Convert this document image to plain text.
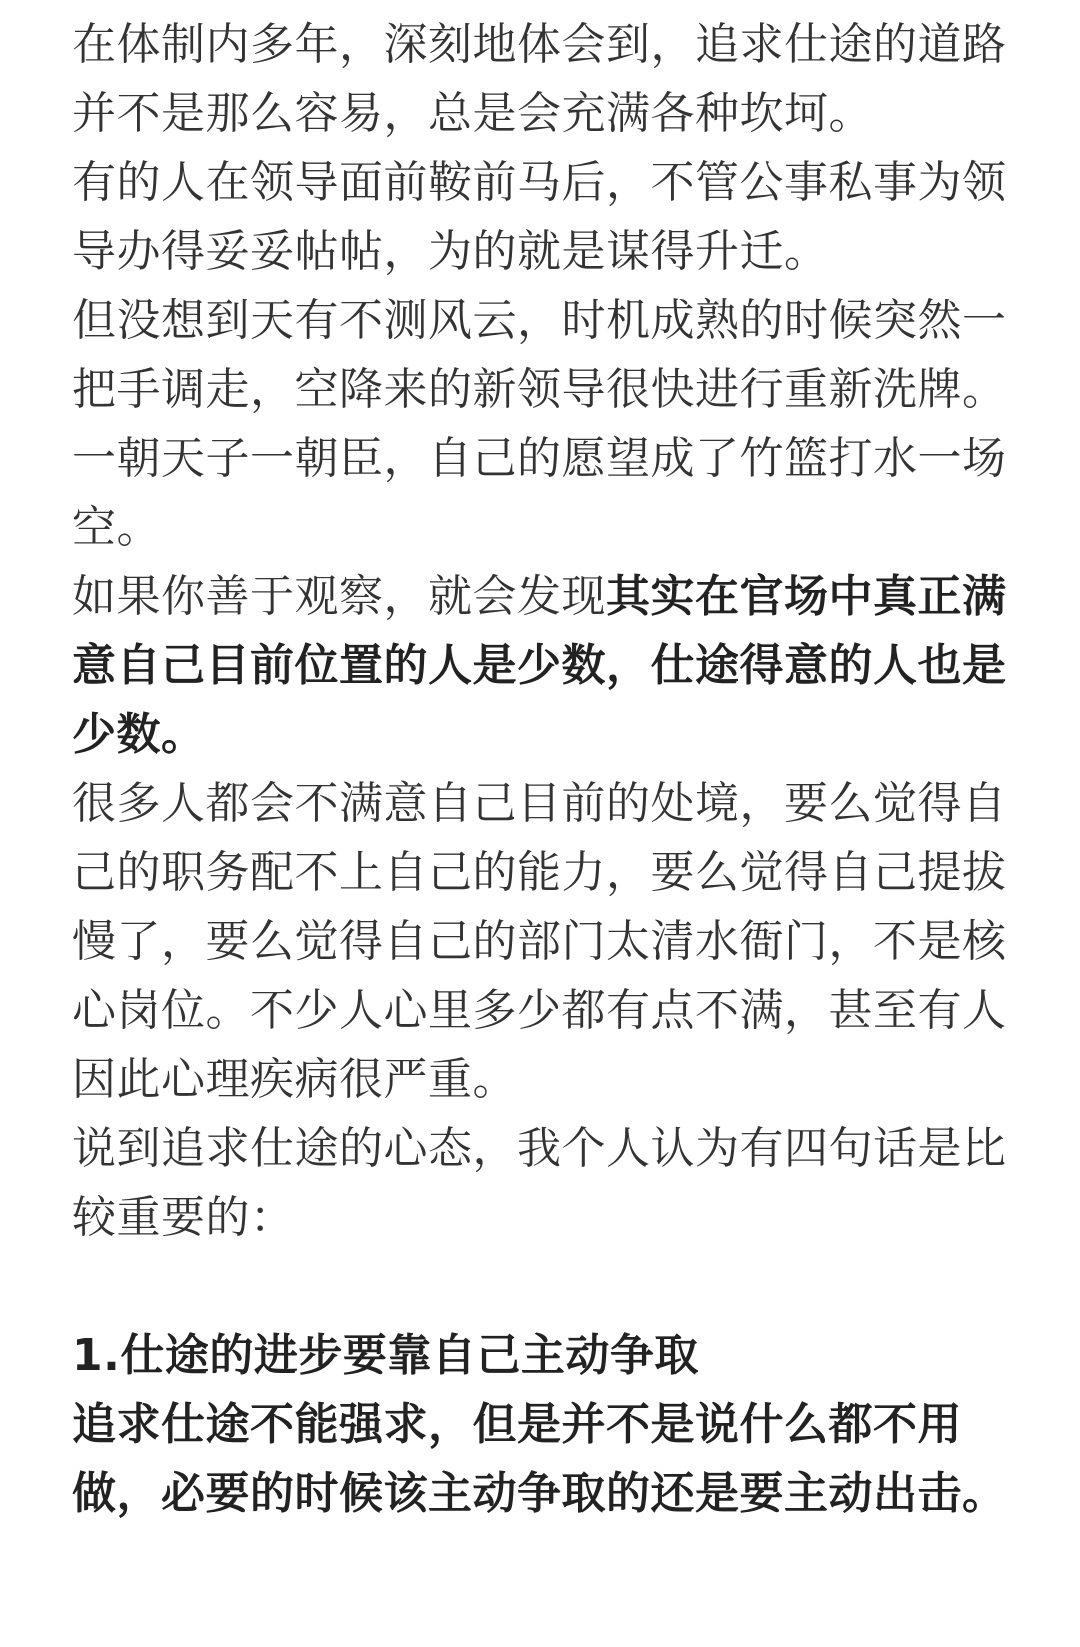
在体制内多年，深刻地体会到，追求仕途的道路并不是那么容易，总是会充满各种坎坷。

有的人在领导面前鞍前马后，不管公事私事为领导办得妥妥帖帖，为的就是谋得升迁。

但没想到天有不测风云，时机成熟的时候突然一把手调走，空降来的新领导很快进行重新洗牌。一朝天子一朝臣，自己的愿望成了竹篮打水一场空。

如果你善于观察，就会发现其实在官场中真正满意自己目前位置的人是少数，仕途得意的人也是少数。

很多人都会不满意自己目前的处境，要么觉得自己的职务配不上自己的能力，要么觉得自己提拔慢了，要么觉得自己的部门太清水衙门，不是核心岗位。不少人心里多少都有点不满，甚至有人因此心理疾病很严重。

说到追求仕途的心态，我个人认为有四句话是比较重要的：

1.仕途的进步要靠自己主动争取

追求仕途不能强求，但是并不是说什么都不用做，必要的时候该主动争取的还是要主动出击。
